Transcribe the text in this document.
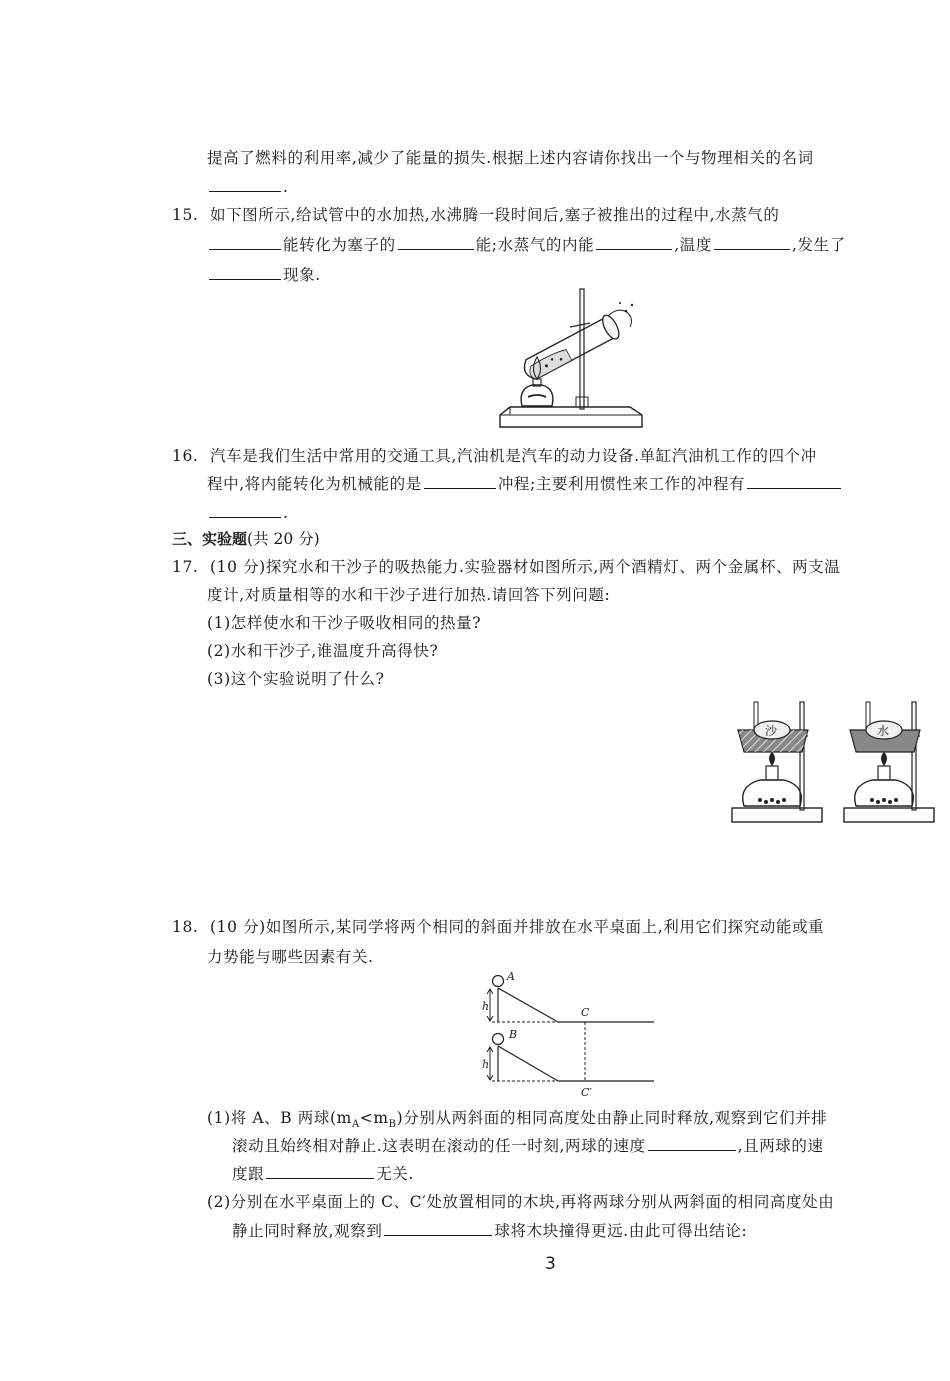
提高了燃料的利用率,减少了能量的损失.根据上述内容请你找出一个与物理相关的名词
.
15. 如下图所示,给试管中的水加热,水沸腾一段时间后,塞子被推出的过程中,水蒸气的
能转化为塞子的	能;水蒸气的内能	,温度	,发生了
现象.
16. 汽车是我们生活中常用的交通工具,汽油机是汽车的动力设备.单缸汽油机工作的四个冲
程中,将内能转化为机械能的是	冲程;主要利用惯性来工作的冲程有
.
三、实验题(共 20 分)
17. (10 分)探究水和干沙子的吸热能力.实验器材如图所示,两个酒精灯、两个金属杯、两支温
度计,对质量相等的水和干沙子进行加热.请回答下列问题:
(1)怎样使水和干沙子吸收相同的热量?
(2)水和干沙子,谁温度升高得快?
(3)这个实验说明了什么?
沙	水
18. (10 分)如图所示,某同学将两个相同的斜面并排放在水平桌面上,利用它们探究动能或重
力势能与哪些因素有关.
A
h	C
B
h
C′
(1)将 A、B 两球$(m_A<m_B)$分别从两斜面的相同高度处由静止同时释放,观察到它们并排
滚动且始终相对静止.这表明在滚动的任一时刻,两球的速度	,且两球的速
度跟	无关.
(2)分别在水平桌面上的 C、C′处放置相同的木块,再将两球分别从两斜面的相同高度处由
静止同时释放,观察到	球将木块撞得更远.由此可得出结论:
3
